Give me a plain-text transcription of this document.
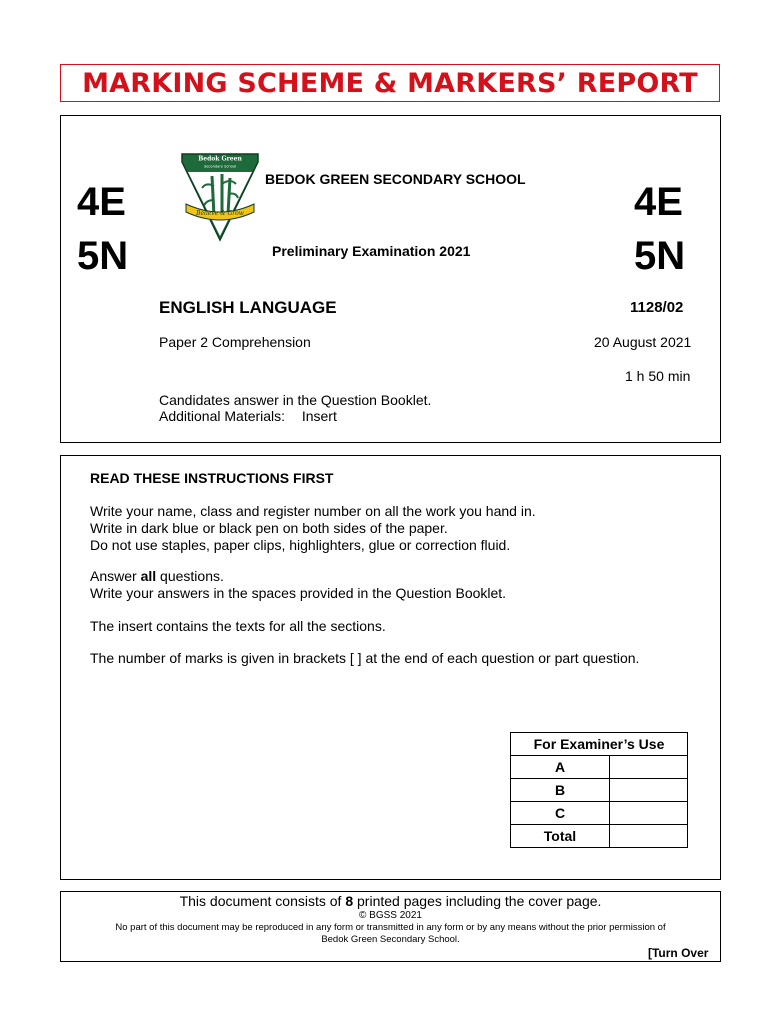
MARKING SCHEME & MARKERS’ REPORT
4E
5N
4E
5N
Bedok Green
Secondary School
Believe & Grow
BEDOK GREEN SECONDARY SCHOOL
Preliminary Examination 2021
ENGLISH LANGUAGE	1128/02
Paper 2 Comprehension	20 August 2021
1 h 50 min
Candidates answer in the Question Booklet.
Additional Materials: Insert
READ THESE INSTRUCTIONS FIRST
Write your name, class and register number on all the work you hand in.
Write in dark blue or black pen on both sides of the paper.
Do not use staples, paper clips, highlighters, glue or correction fluid.
Answer all questions.
Write your answers in the spaces provided in the Question Booklet.
The insert contains the texts for all the sections.
The number of marks is given in brackets [ ] at the end of each question or part question.
For Examiner’s Use	
A	
B	
C	
Total	
This document consists of 8 printed pages including the cover page.
© BGSS 2021
No part of this document may be reproduced in any form or transmitted in any form or by any means without the prior permission of
Bedok Green Secondary School.
[Turn Over
